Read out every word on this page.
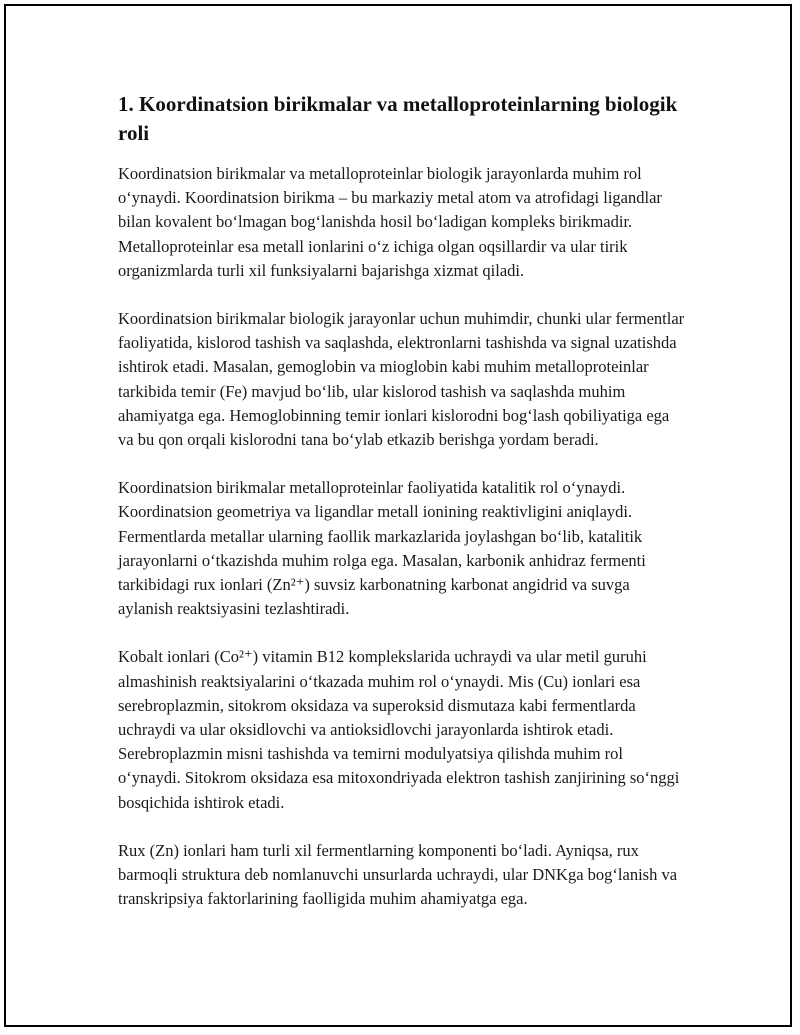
1. Koordinatsion birikmalar va metalloproteinlarning biologik roli

Koordinatsion birikmalar va metalloproteinlar biologik jarayonlarda muhim rol oʻynaydi. Koordinatsion birikma – bu markaziy metal atom va atrofidagi ligandlar bilan kovalent boʻlmagan bogʻlanishda hosil boʻladigan kompleks birikmadir. Metalloproteinlar esa metall ionlarini oʻz ichiga olgan oqsillardir va ular tirik organizmlarda turli xil funksiyalarni bajarishga xizmat qiladi.

Koordinatsion birikmalar biologik jarayonlar uchun muhimdir, chunki ular fermentlar faoliyatida, kislorod tashish va saqlashda, elektronlarni tashishda va signal uzatishda ishtirok etadi. Masalan, gemoglobin va mioglobin kabi muhim metalloproteinlar tarkibida temir (Fe) mavjud boʻlib, ular kislorod tashish va saqlashda muhim ahamiyatga ega. Hemoglobinning temir ionlari kislorodni bogʻlash qobiliyatiga ega va bu qon orqali kislorodni tana boʻylab etkazib berishga yordam beradi.

Koordinatsion birikmalar metalloproteinlar faoliyatida katalitik rol oʻynaydi. Koordinatsion geometriya va ligandlar metall ionining reaktivligini aniqlaydi. Fermentlarda metallar ularning faollik markazlarida joylashgan boʻlib, katalitik jarayonlarni oʻtkazishda muhim rolga ega. Masalan, karbonik anhidraz fermenti tarkibidagi rux ionlari (Zn²⁺) suvsiz karbonatning karbonat angidrid va suvga aylanish reaktsiyasini tezlashtiradi.

Kobalt ionlari (Co²⁺) vitamin B12 komplekslarida uchraydi va ular metil guruhi almashinish reaktsiyalarini oʻtkazada muhim rol oʻynaydi. Mis (Cu) ionlari esa serebroplazmin, sitokrom oksidaza va superoksid dismutaza kabi fermentlarda uchraydi va ular oksidlovchi va antioksidlovchi jarayonlarda ishtirok etadi. Serebroplazmin misni tashishda va temirni modulyatsiya qilishda muhim rol oʻynaydi. Sitokrom oksidaza esa mitoxondriyada elektron tashish zanjirining soʻnggi bosqichida ishtirok etadi.

Rux (Zn) ionlari ham turli xil fermentlarning komponenti boʻladi. Ayniqsa, rux barmoqli struktura deb nomlanuvchi unsurlarda uchraydi, ular DNKga bogʻlanish va transkripsiya faktorlarining faolligida muhim ahamiyatga ega.
